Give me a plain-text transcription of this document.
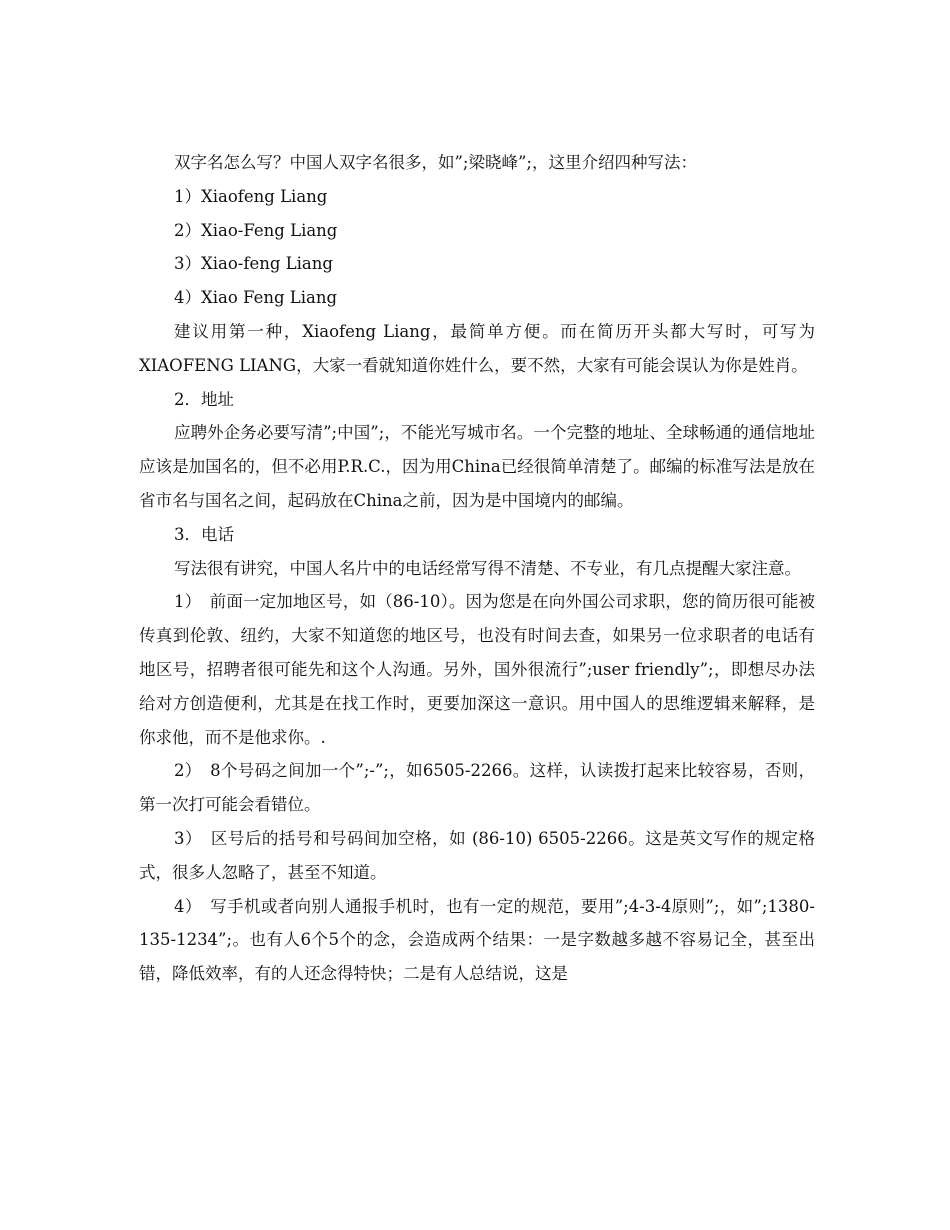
双字名怎么写？中国人双字名很多，如”;梁晓峰”;，这里介绍四种写法：

1）Xiaofeng Liang

2）Xiao-Feng Liang

3）Xiao-feng Liang

4）Xiao Feng Liang

建议用第一种，Xiaofeng Liang，最简单方便。而在简历开头都大写时，可写为XIAOFENG LIANG，大家一看就知道你姓什么，要不然，大家有可能会误认为你是姓肖。

2．地址

应聘外企务必要写清”;中国”;，不能光写城市名。一个完整的地址、全球畅通的通信地址应该是加国名的，但不必用P.R.C.，因为用China已经很简单清楚了。邮编的标准写法是放在省市名与国名之间，起码放在China之前，因为是中国境内的邮编。

3．电话

写法很有讲究，中国人名片中的电话经常写得不清楚、不专业，有几点提醒大家注意。

1）　前面一定加地区号，如（86-10）。因为您是在向外国公司求职，您的简历很可能被传真到伦敦、纽约，大家不知道您的地区号，也没有时间去查，如果另一位求职者的电话有地区号，招聘者很可能先和这个人沟通。另外，国外很流行”;user friendly”;，即想尽办法给对方创造便利，尤其是在找工作时，更要加深这一意识。用中国人的思维逻辑来解释，是你求他，而不是他求你。.

2）　8个号码之间加一个”;-”;，如6505-2266。这样，认读拨打起来比较容易，否则，第一次打可能会看错位。

3）　区号后的括号和号码间加空格，如 (86-10) 6505-2266。这是英文写作的规定格式，很多人忽略了，甚至不知道。

4）　写手机或者向别人通报手机时，也有一定的规范，要用”;4-3-4原则”;，如”;1380-135-1234”;。也有人6个5个的念，会造成两个结果：一是字数越多越不容易记全，甚至出错，降低效率，有的人还念得特快；二是有人总结说，这是
